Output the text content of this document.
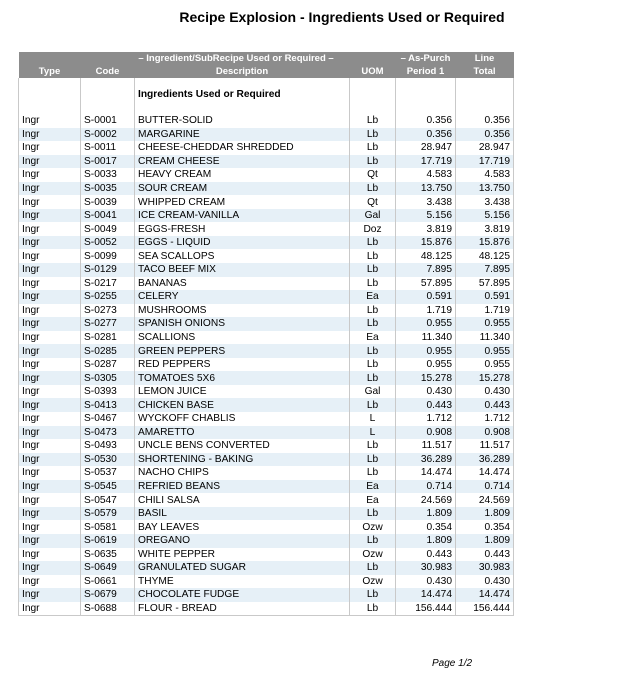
Recipe Explosion - Ingredients Used or Required
– Ingredient/SubRecipe Used or Required –				– As-Purch	Line
Type	Code	Description	UOM	Period 1	Total

		Ingredients Used or Required			

Ingr	S-0001	BUTTER-SOLID	Lb	0.356	0.356
Ingr	S-0002	MARGARINE	Lb	0.356	0.356
Ingr	S-0011	CHEESE-CHEDDAR SHREDDED	Lb	28.947	28.947
Ingr	S-0017	CREAM CHEESE	Lb	17.719	17.719
Ingr	S-0033	HEAVY CREAM	Qt	4.583	4.583
Ingr	S-0035	SOUR CREAM	Lb	13.750	13.750
Ingr	S-0039	WHIPPED CREAM	Qt	3.438	3.438
Ingr	S-0041	ICE CREAM-VANILLA	Gal	5.156	5.156
Ingr	S-0049	EGGS-FRESH	Doz	3.819	3.819
Ingr	S-0052	EGGS - LIQUID	Lb	15.876	15.876
Ingr	S-0099	SEA SCALLOPS	Lb	48.125	48.125
Ingr	S-0129	TACO BEEF MIX	Lb	7.895	7.895
Ingr	S-0217	BANANAS	Lb	57.895	57.895
Ingr	S-0255	CELERY	Ea	0.591	0.591
Ingr	S-0273	MUSHROOMS	Lb	1.719	1.719
Ingr	S-0277	SPANISH ONIONS	Lb	0.955	0.955
Ingr	S-0281	SCALLIONS	Ea	11.340	11.340
Ingr	S-0285	GREEN PEPPERS	Lb	0.955	0.955
Ingr	S-0287	RED PEPPERS	Lb	0.955	0.955
Ingr	S-0305	TOMATOES 5X6	Lb	15.278	15.278
Ingr	S-0393	LEMON JUICE	Gal	0.430	0.430
Ingr	S-0413	CHICKEN BASE	Lb	0.443	0.443
Ingr	S-0467	WYCKOFF CHABLIS	L	1.712	1.712
Ingr	S-0473	AMARETTO	L	0.908	0.908
Ingr	S-0493	UNCLE BENS CONVERTED	Lb	11.517	11.517
Ingr	S-0530	SHORTENING - BAKING	Lb	36.289	36.289
Ingr	S-0537	NACHO CHIPS	Lb	14.474	14.474
Ingr	S-0545	REFRIED BEANS	Ea	0.714	0.714
Ingr	S-0547	CHILI SALSA	Ea	24.569	24.569
Ingr	S-0579	BASIL	Lb	1.809	1.809
Ingr	S-0581	BAY LEAVES	Ozw	0.354	0.354
Ingr	S-0619	OREGANO	Lb	1.809	1.809
Ingr	S-0635	WHITE PEPPER	Ozw	0.443	0.443
Ingr	S-0649	GRANULATED SUGAR	Lb	30.983	30.983
Ingr	S-0661	THYME	Ozw	0.430	0.430
Ingr	S-0679	CHOCOLATE FUDGE	Lb	14.474	14.474
Ingr	S-0688	FLOUR - BREAD	Lb	156.444	156.444
Page 1/2
